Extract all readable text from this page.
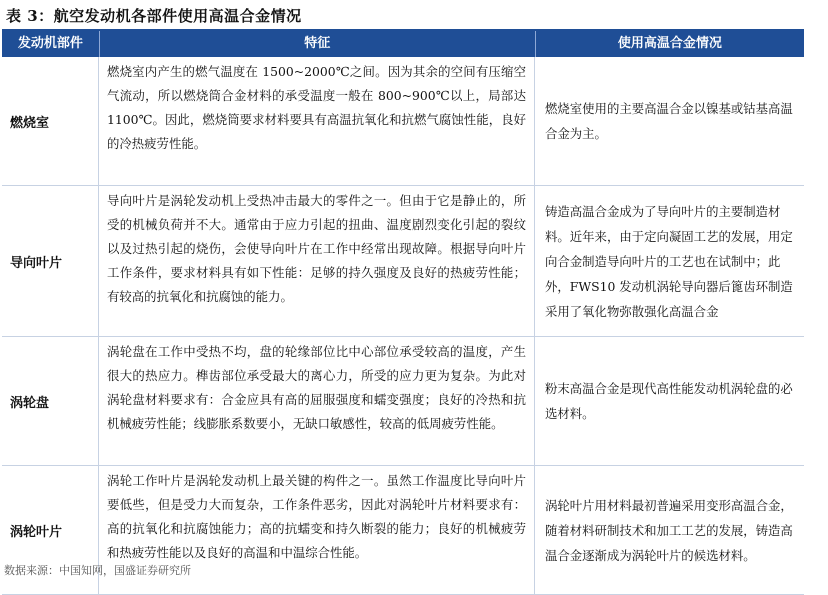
表 3：航空发动机各部件使用高温合金情况
发动机部件	特征	使用高温合金情况
燃烧室
燃烧室内产生的燃气温度在 1500~2000℃之间。因为其余的空间有压缩空气流动，所以燃烧筒合金材料的承受温度一般在 800~900℃以上，局部达 1100℃。因此，燃烧筒要求材料要具有高温抗氧化和抗燃气腐蚀性能，良好的冷热疲劳性能。
燃烧室使用的主要高温合金以镍基或钴基高温合金为主。
导向叶片
导向叶片是涡轮发动机上受热冲击最大的零件之一。但由于它是静止的，所受的机械负荷并不大。通常由于应力引起的扭曲、温度剧烈变化引起的裂纹以及过热引起的烧伤，会使导向叶片在工作中经常出现故障。根据导向叶片工作条件，要求材料具有如下性能：足够的持久强度及良好的热疲劳性能；有较高的抗氧化和抗腐蚀的能力。
铸造高温合金成为了导向叶片的主要制造材料。近年来，由于定向凝固工艺的发展，用定向合金制造导向叶片的工艺也在试制中；此外，FWS10 发动机涡轮导向器后篦齿环制造采用了氧化物弥散强化高温合金
涡轮盘
涡轮盘在工作中受热不均，盘的轮缘部位比中心部位承受较高的温度，产生很大的热应力。榫齿部位承受最大的离心力，所受的应力更为复杂。为此对涡轮盘材料要求有：合金应具有高的屈服强度和蠕变强度；良好的冷热和抗机械疲劳性能；线膨胀系数要小，无缺口敏感性，较高的低周疲劳性能。
粉末高温合金是现代高性能发动机涡轮盘的必选材料。
涡轮叶片
涡轮工作叶片是涡轮发动机上最关键的构件之一。虽然工作温度比导向叶片要低些，但是受力大而复杂，工作条件恶劣，因此对涡轮叶片材料要求有：高的抗氧化和抗腐蚀能力；高的抗蠕变和持久断裂的能力；良好的机械疲劳和热疲劳性能以及良好的高温和中温综合性能。
涡轮叶片用材料最初普遍采用变形高温合金，随着材料研制技术和加工工艺的发展，铸造高温合金逐渐成为涡轮叶片的候选材料。
数据来源：中国知网，国盛证券研究所
